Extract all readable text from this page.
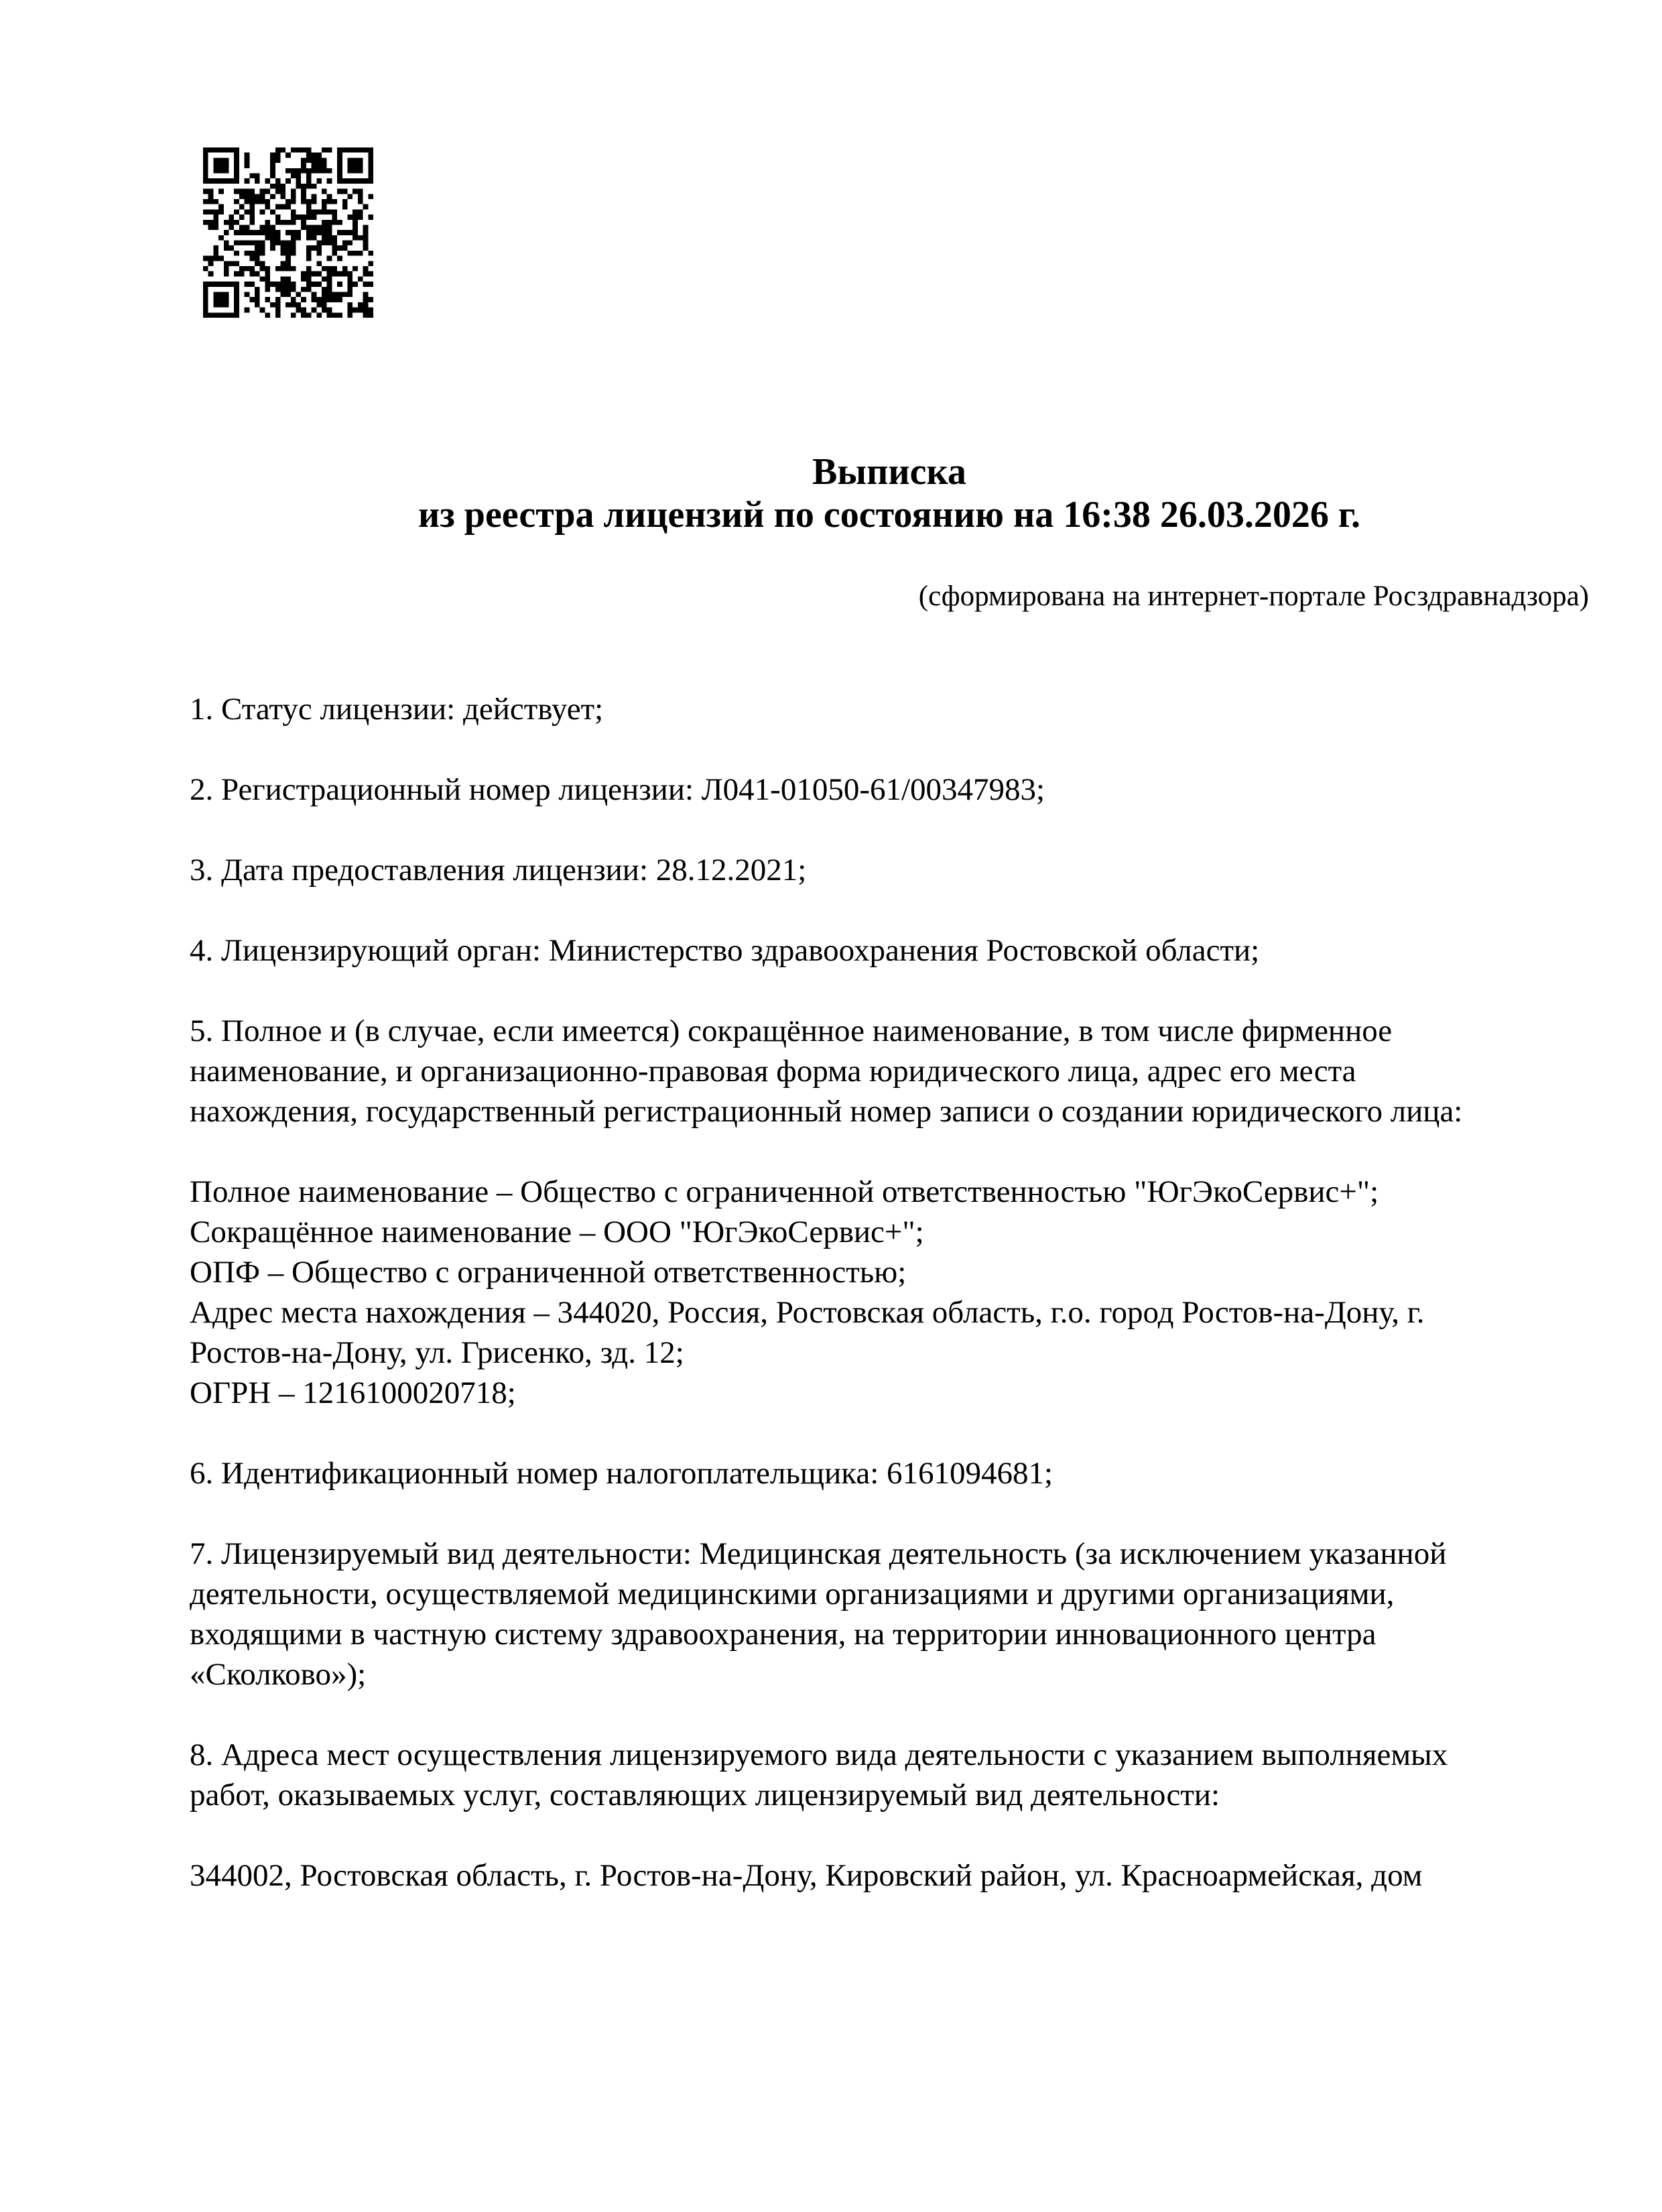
Выписка
из реестра лицензий по состоянию на 16:38 26.03.2026 г.
(сформирована на интернет-портале Росздравнадзора)

1. Статус лицензии: действует;

2. Регистрационный номер лицензии: Л041-01050-61/00347983;

3. Дата предоставления лицензии: 28.12.2021;

4. Лицензирующий орган: Министерство здравоохранения Ростовской области;

5. Полное и (в случае, если имеется) сокращённое наименование, в том числе фирменное
наименование, и организационно-правовая форма юридического лица, адрес его места
нахождения, государственный регистрационный номер записи о создании юридического лица:

Полное наименование – Общество с ограниченной ответственностью "ЮгЭкоСервис+";
Сокращённое наименование – ООО "ЮгЭкоСервис+";
ОПФ – Общество с ограниченной ответственностью;
Адрес места нахождения – 344020, Россия, Ростовская область, г.о. город Ростов-на-Дону, г.
Ростов-на-Дону, ул. Грисенко, зд. 12;
ОГРН – 1216100020718;

6. Идентификационный номер налогоплательщика: 6161094681;

7. Лицензируемый вид деятельности: Медицинская деятельность (за исключением указанной
деятельности, осуществляемой медицинскими организациями и другими организациями,
входящими в частную систему здравоохранения, на территории инновационного центра
«Сколково»);

8. Адреса мест осуществления лицензируемого вида деятельности с указанием выполняемых
работ, оказываемых услуг, составляющих лицензируемый вид деятельности:

344002, Ростовская область, г. Ростов-на-Дону, Кировский район, ул. Красноармейская, дом
